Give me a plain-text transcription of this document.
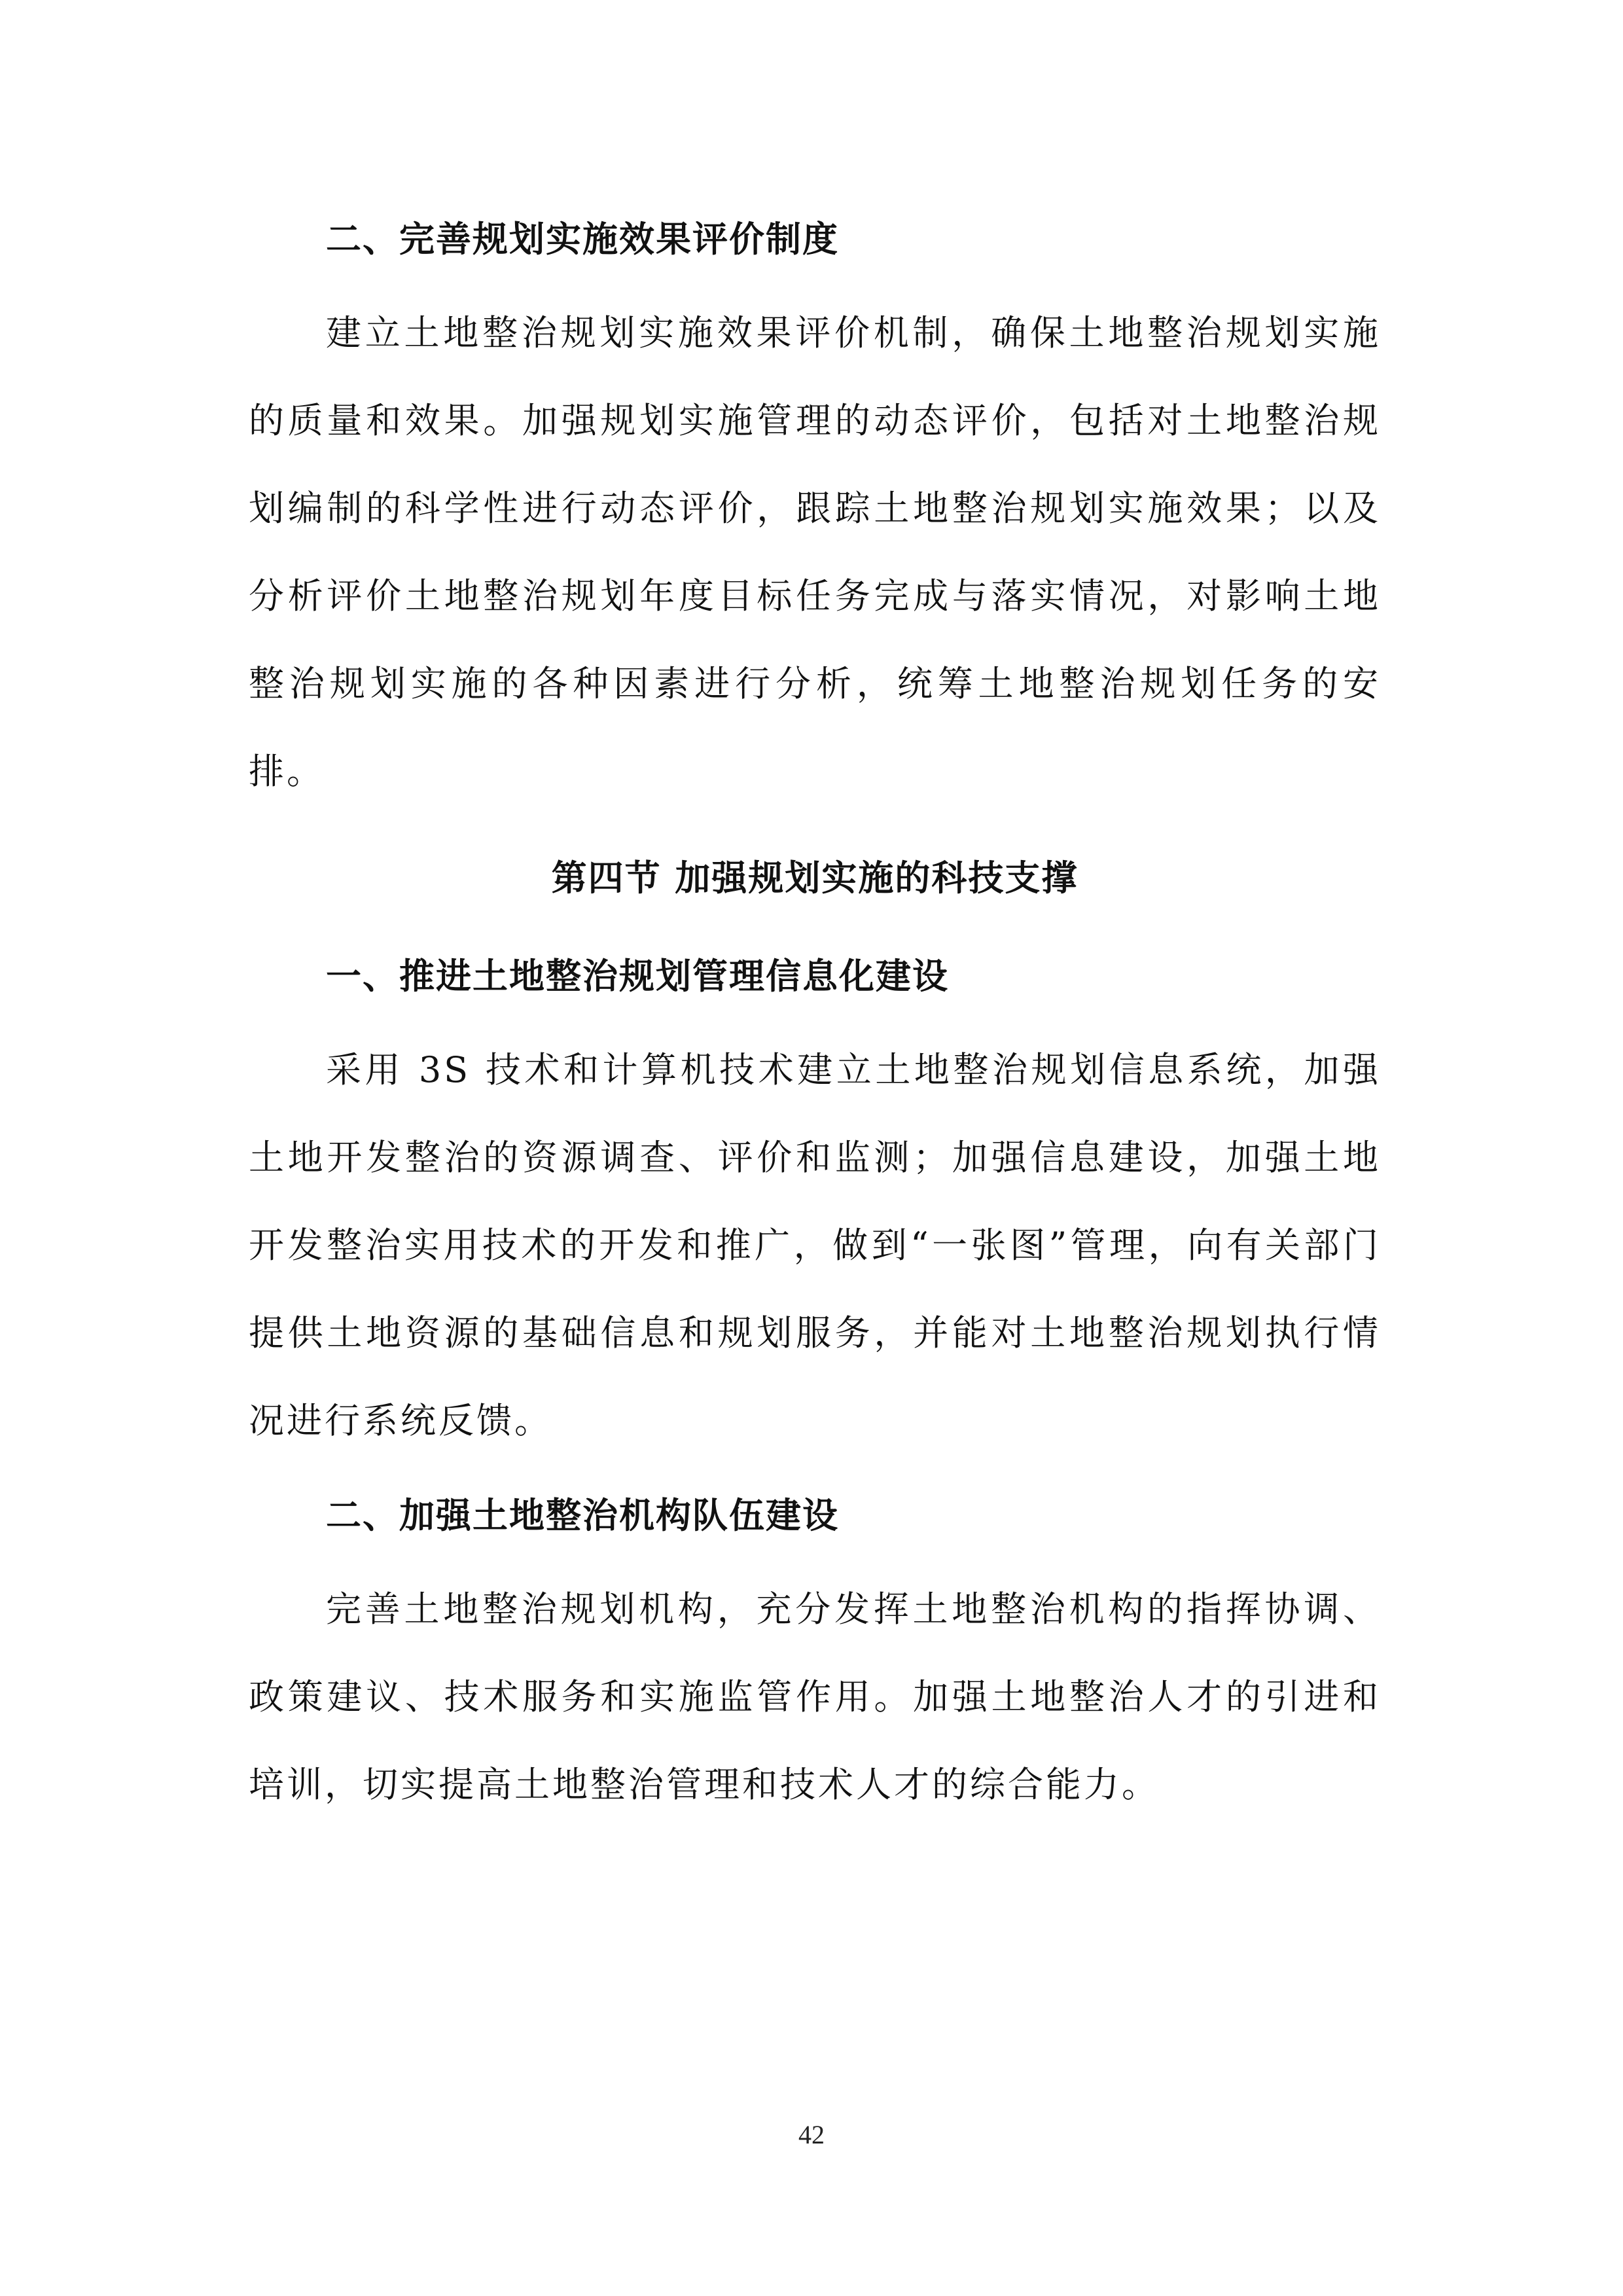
二、完善规划实施效果评价制度

建立土地整治规划实施效果评价机制，确保土地整治规划实施的质量和效果。加强规划实施管理的动态评价，包括对土地整治规划编制的科学性进行动态评价，跟踪土地整治规划实施效果；以及分析评价土地整治规划年度目标任务完成与落实情况，对影响土地整治规划实施的各种因素进行分析，统筹土地整治规划任务的安排。

第四节 加强规划实施的科技支撑
一、推进土地整治规划管理信息化建设

采用 3S 技术和计算机技术建立土地整治规划信息系统，加强土地开发整治的资源调查、评价和监测；加强信息建设，加强土地开发整治实用技术的开发和推广，做到“一张图”管理，向有关部门提供土地资源的基础信息和规划服务，并能对土地整治规划执行情况进行系统反馈。

二、加强土地整治机构队伍建设

完善土地整治规划机构，充分发挥土地整治机构的指挥协调、政策建议、技术服务和实施监管作用。加强土地整治人才的引进和培训，切实提高土地整治管理和技术人才的综合能力。

42
